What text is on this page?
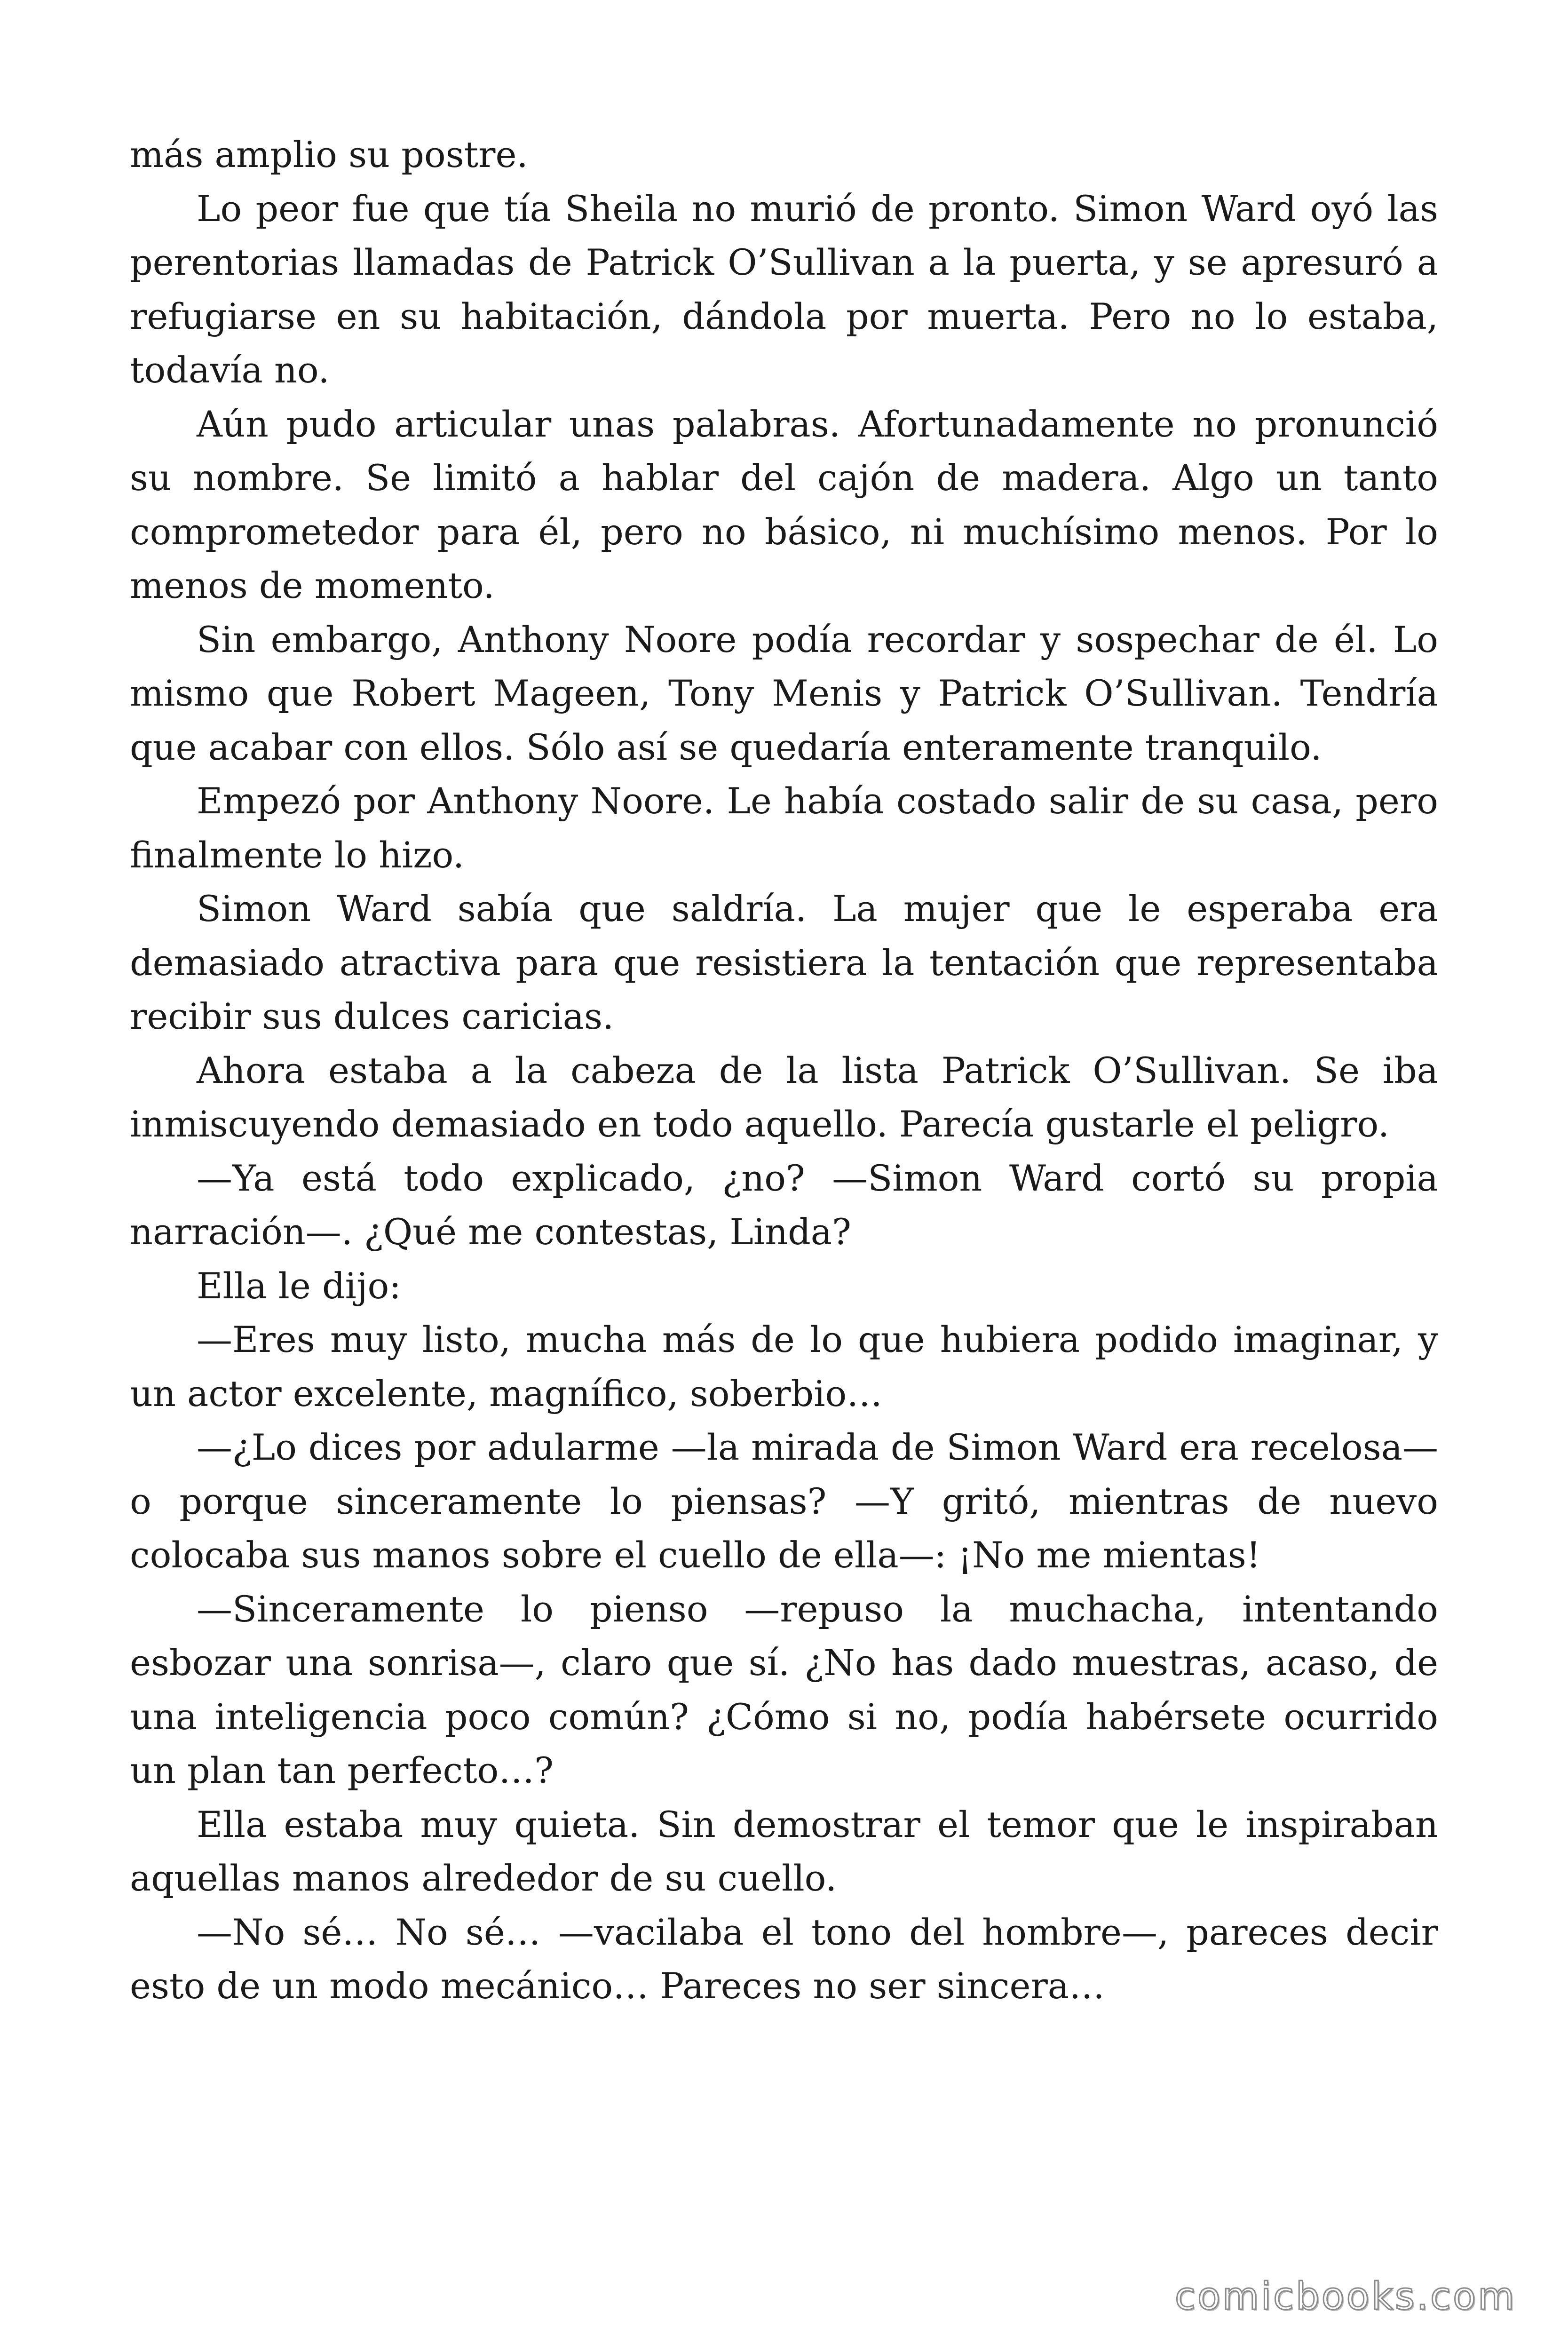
más amplio su postre.

Lo peor fue que tía Sheila no murió de pronto. Simon Ward oyó las perentorias llamadas de Patrick O’Sullivan a la puerta, y se apresuró a refugiarse en su habitación, dándola por muerta. Pero no lo estaba, todavía no.

Aún pudo articular unas palabras. Afortunadamente no pronunció su nombre. Se limitó a hablar del cajón de madera. Algo un tanto comprometedor para él, pero no básico, ni muchísimo menos. Por lo menos de momento.

Sin embargo, Anthony Noore podía recordar y sospechar de él. Lo mismo que Robert Mageen, Tony Menis y Patrick O’Sullivan. Tendría que acabar con ellos. Sólo así se quedaría enteramente tranquilo.

Empezó por Anthony Noore. Le había costado salir de su casa, pero finalmente lo hizo.

Simon Ward sabía que saldría. La mujer que le esperaba era demasiado atractiva para que resistiera la tentación que representaba recibir sus dulces caricias.

Ahora estaba a la cabeza de la lista Patrick O’Sullivan. Se iba inmiscuyendo demasiado en todo aquello. Parecía gustarle el peligro.

—Ya está todo explicado, ¿no? —Simon Ward cortó su propia narración—. ¿Qué me contestas, Linda?

Ella le dijo:

—Eres muy listo, mucha más de lo que hubiera podido imaginar, y un actor excelente, magnífico, soberbio…

—¿Lo dices por adularme —la mirada de Simon Ward era recelosa— o porque sinceramente lo piensas? —Y gritó, mientras de nuevo colocaba sus manos sobre el cuello de ella—: ¡No me mientas!

—Sinceramente lo pienso —repuso la muchacha, intentando esbozar una sonrisa—, claro que sí. ¿No has dado muestras, acaso, de una inteligencia poco común? ¿Cómo si no, podía habérsete ocurrido un plan tan perfecto…?

Ella estaba muy quieta. Sin demostrar el temor que le inspiraban aquellas manos alrededor de su cuello.

—No sé… No sé… —vacilaba el tono del hombre—, pareces decir esto de un modo mecánico… Pareces no ser sincera…

comicbooks.com
